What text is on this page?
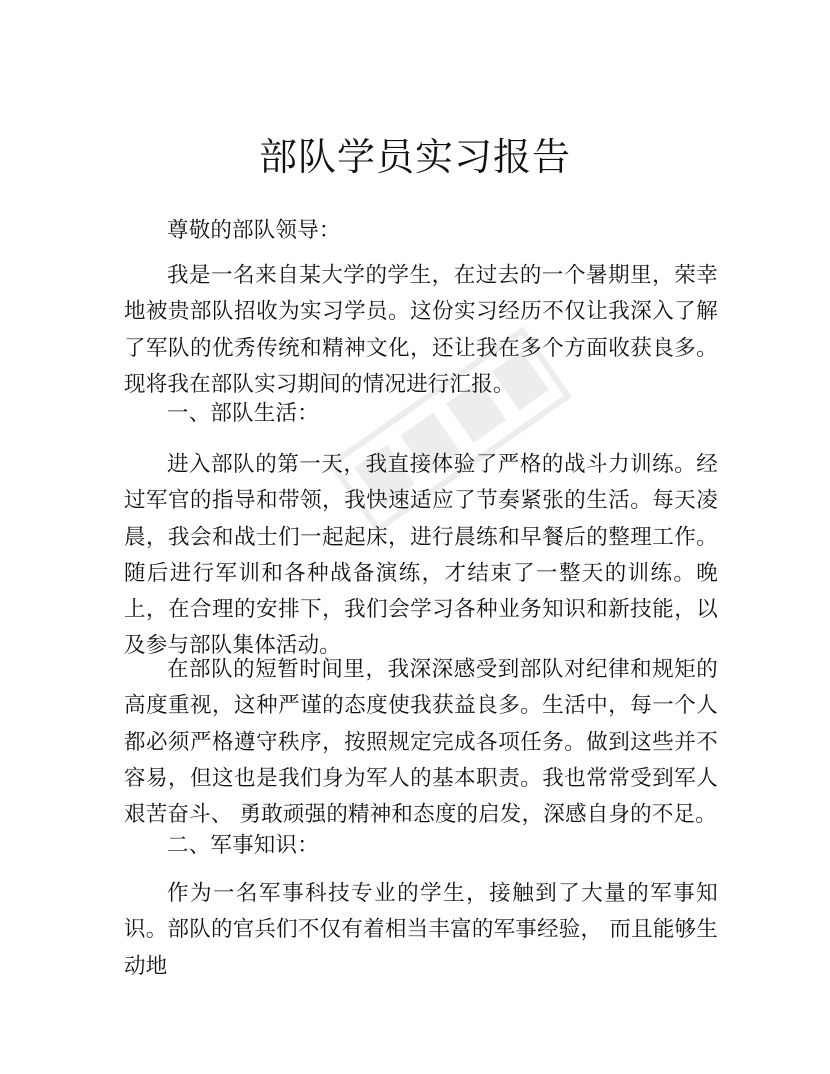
部队学员实习报告

尊敬的部队领导：

我是一名来自某大学的学生，在过去的一个暑期里，荣幸地被贵部队招收为实习学员。这份实习经历不仅让我深入了解了军队的优秀传统和精神文化，还让我在多个方面收获良多。现将我在部队实习期间的情况进行汇报。

一、部队生活：

进入部队的第一天，我直接体验了严格的战斗力训练。经过军官的指导和带领，我快速适应了节奏紧张的生活。每天凌晨，我会和战士们一起起床，进行晨练和早餐后的整理工作。随后进行军训和各种战备演练，才结束了一整天的训练。晚上，在合理的安排下，我们会学习各种业务知识和新技能，以及参与部队集体活动。

在部队的短暂时间里，我深深感受到部队对纪律和规矩的高度重视，这种严谨的态度使我获益良多。生活中，每一个人都必须严格遵守秩序，按照规定完成各项任务。做到这些并不容易，但这也是我们身为军人的基本职责。我也常常受到军人艰苦奋斗、 勇敢顽强的精神和态度的启发，深感自身的不足。

二、军事知识：

作为一名军事科技专业的学生，接触到了大量的军事知识。部队的官兵们不仅有着相当丰富的军事经验， 而且能够生动地
